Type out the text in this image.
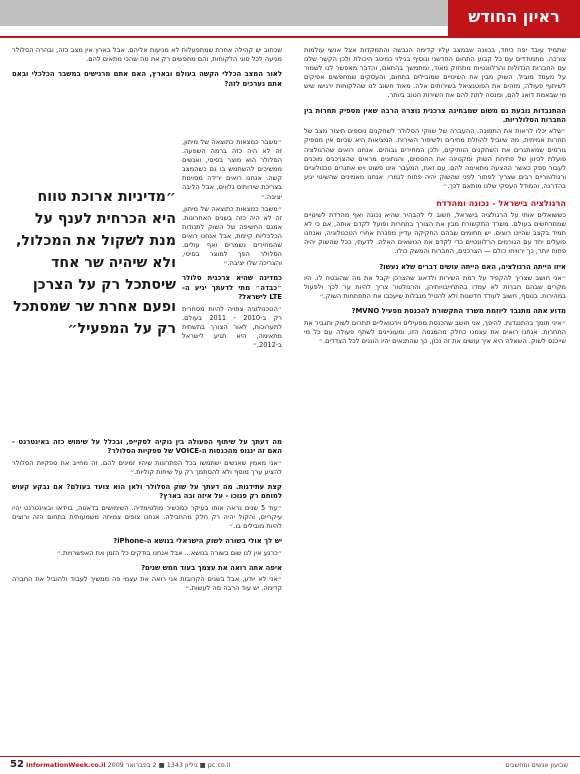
ראיון החודש

שתמיד עובד יפה כיחד, בכוונה שבמצב עליו קדימה הגבשה והתמקדות אצל אנשי עולמות צורכה. מתמודדים עם כל קבוע התחום החדשני ונוסיף בגילוי כמיטב היכולת ולכן הקשר שלנו עם החברות הגדולות והרלוונטיות מתחזק מאוד, ומתמשך בהתאם, והדבר מאפשר לנו לשמור על מעמד מוביל. השוק מבין את השינויים שמובילים בתחום, והעסקים שמחפשים אפיקים לשיתוף פעולה, מזהים את הפוטנציאל בשירותים אלה. מאוד חשוב לנו שהלקוחות ירגישו שיש מי שבאמת דואג להם, ומנסה לתת להם את השירות הטוב ביותר.

ההתנבדות נובעת גם משום שמבחינה צרכנית נוצרה הרבה שאין מספיק תחרות בין החברות הסלולריות.

״שלא יכלו לראות את התמונה. ההעברה של שווקי הסלולר לשחקנים נוספים תיצור מצב של תחרות אמיתית, מה שיוביל להוזלת מחירים ולשיפור השירות. המציאות היא שכיום אין מספיק גורמים שמאתגרים את השחקנים הוותיקים, ולכן המחירים גבוהים. אנחנו רואים שהרגולציה פועלת לכיוון של פתיחת השוק ומקטינה את החסמים, והנתונים מראים שהצרכנים מוכנים לעבור ספק כאשר ההצעה מתאימה להם. עם זאת, המעבר אינו פשוט ויש אתגרים טכנולוגיים ורגולטוריים רבים שצריך לפתור לפני שהשוק יהיה פתוח לגמרי. אנחנו מאמינים שהשינוי יגיע בהדרגה, והמודל העסקי שלנו מותאם לכך.״

הרגולציה בישראל - נכונה ומהדדת

כששואלים אותי על הרגולציה בישראל, חשוב לי להבהיר שהיא נכונה ואף מהדדת לשינויים שמתרחשים בעולם. משרד התקשורת מבין את הצורך בתחרות ופועל לקדם אותה, אם כי לא תמיד בקצב שהיינו רוצים. יש תחומים שבהם החקיקה עדיין מפגרת אחרי הטכנולוגיה, ואנחנו פועלים יחד עם הגורמים הרלוונטיים כדי לקדם את הנושאים האלה. לדעתי, ככל שהשוק יהיה פתוח יותר, כך ירוויחו כולם — הצרכנים, החברות והמשק כולו.

איזו הייתה הרגולציה, האם הייתה עושים דברים שלא נעשו?

״אני חושב שצריך להקפיד על רמת השירות ולדאוג שהצרכן יקבל את מה שהובטח לו. היו מקרים שבהם חברות לא עמדו בהתחייבויותיהן, והרגולטור צריך להיות ער לכך ולפעול במהירות. בנוסף, חשוב לעודד חדשנות ולא להטיל מגבלות שיעכבו את התפתחות השוק.״

מדוע אתה מתנבד ליוזמת משרד התקשורת להכנסת מפעיל MVNO?

״איני תומך בהתנגדות. להיפך, אני חושב שהכנסת מפעילים וירטואליים תתרום לשוק ותגביר את התחרות. אנחנו רואים את עצמנו כחלק מהמגמה הזו, ומעוניינים לשתף פעולה עם כל מי שייכנס לשוק. השאלה היא איך עושים את זה נכון, כך שהתנאים יהיו הוגנים לכל הצדדים.״

שכתוב יש קהילה אחרת שמתפעלות לא מגיעות אליהם. אבל בארץ אין מצב כזה, ובהרה הסלולר מגיעה לכל סוגי הלקוחות, והם מחפשים רק את מה שהכי מתאים להם.

לאור המצב הכללי הקשה בעולם ובארץ, האם אתם מרגישים במשבר הכלכלי ובאם אתם נערכים לזה?

״משבר כמצאות כתוצאה של מיתון, זה לא היה כזה ברמה השפעה. הסלולר הוא מוצר בסיסי, ואנשים ממשיכים להשתמש בו גם כשהמצב קשה. אנחנו רואים ירידה מסוימת בצריכת שירותים נלווים, אבל הליבה יציבה.״

״משבר כמצאות כתוצאה של מיתון, זה לא היה כזה בשנים האחרונות. אמנם החשיפה של השוק לתנודות הכלכליות קיימת, אבל אנחנו רואים שהמחירים נשמרים ואף עולים. הסלולר הפך למוצר בסיסי, והצריכה שלו יציבה.״

כמדינה שהיא צרכנית סלולר ״כבדה״ מתי לדעתך יגיע ה-LTE לישראל?

״הטכנולוגיה צפויה להיות מסחרית רק ב-2010 - 2011 בעולם. לתערוכות, לאור הצורך בתשתית מתאימה, היא תגיע לישראל ב-2012.״

״מדיניות ארוכת טווח היא הכרחית לענף על מנת לשקול את המכלול, ולא שיהיה שר אחד שיסתכל רק על הצרכן ופעם אחרת שר שמסתכל רק על המפעיל״

מה דעתך על שיתוף הפעולה בין נוקיה לסקייפ, ובכלל על שימוש כזה באינטרנט - האם זה ינגוס מהכנסות ה-VOICE של ספקיות הסלולר?

״אני מאמין שאנשים ישתמשו בכל הפתרונות שיהיו זמינים להם. זה מחייב את ספקיות הסלולר להציע ערך מוסף ולא להסתמך רק על שיחות קוליות.״

קצת עתידנות. מה דעתך על שוק הסלולר ולאן הוא צועד בעולם? אם נבקע קעוש למוחם רק פנוכו - על איזה ובה בארץ?

״עוד 5 שנים נראה אותו בעיקר כמכשיר מולטימדיה. השימושים בדאטה, בוידאו ובאינטרנט יהיו עיקריים, והקול יהיה רק חלק מהחבילה. אנחנו צופים צמיחה משמעותית בתחום הזה ורוצים להיות מובילים בו.״

יש לך אולי בשורה לשוק הישראלי בנושא ה-iPhone?

״כרגע אין לנו שום בשורה בנושא... אבל אנחנו בודקים כל הזמן את האפשרויות.״

איפה אתה רואה את עצמך בעוד חמש שנים?

״אני לא יודע, אבל בשנים הקרובות אני רואה את עצמי פה ממשיך לעבוד ולהוביל את החברה קדימה. יש עוד הרבה מה לעשות.״

52 InformationWeek.co.il גיליון 1343 ■ 2 בפברואר 2009 ■ pc.co.il	שבועון אנשים ומחשבים
